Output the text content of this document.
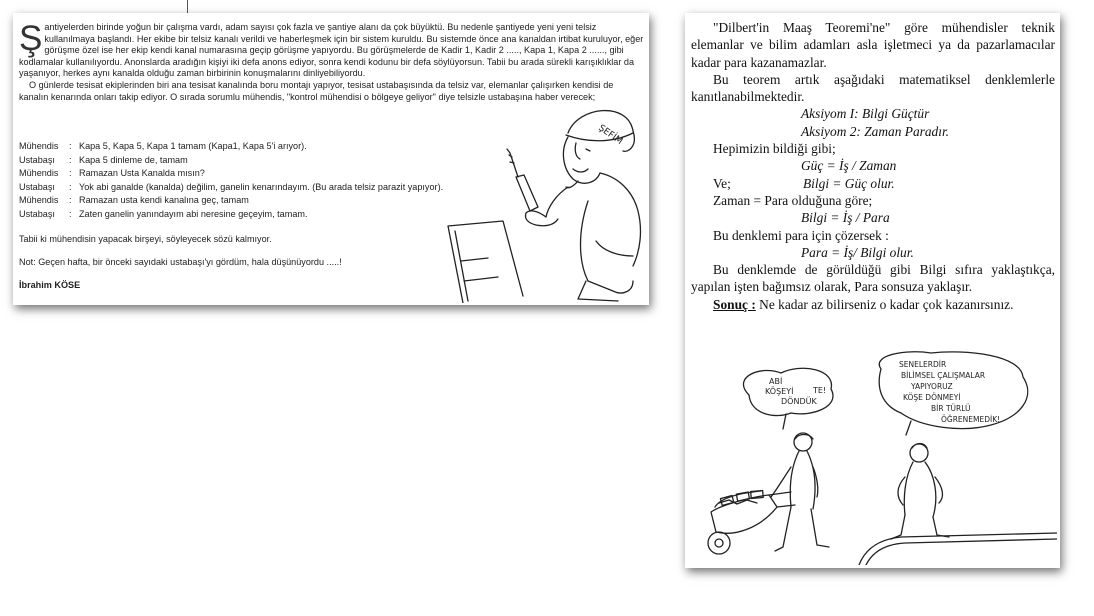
Şantiyelerden birinde yoğun bir çalışma vardı, adam sayısı çok fazla ve şantiye alanı da çok büyüktü. Bu nedenle şantiyede yeni yeni telsiz kullanılmaya başlandı. Her ekibe bir telsiz kanalı verildi ve haberleşmek için bir sistem kuruldu. Bu sistemde önce ana kanaldan irtibat kuruluyor, eğer görüşme özel ise her ekip kendi kanal numarasına geçip görüşme yapıyordu. Bu görüşmelerde de Kadir 1, Kadir 2 ....., Kapa 1, Kapa 2 ......, gibi kodlamalar kullanılıyordu. Anonslarda aradığın kişiyi iki defa anons ediyor, sonra kendi kodunu bir defa söylüyorsun. Tabii bu arada sürekli karışıklıklar da yaşanıyor, herkes aynı kanalda olduğu zaman birbirinin konuşmalarını dinliyebiliyordu.

O günlerde tesisat ekiplerinden biri ana tesisat kanalında boru montajı yapıyor, tesisat ustabaşısında da telsiz var, elemanlar çalışırken kendisi de kanalın kenarında onları takip ediyor. O sırada sorumlu mühendis, "kontrol mühendisi o bölgeye geliyor" diye telsizle ustabaşına haber verecek;

Mühendis	: Kapa 5, Kapa 5, Kapa 1 tamam (Kapa1, Kapa 5'i arıyor).
Ustabaşı	: Kapa 5 dinleme de, tamam
Mühendis	: Ramazan Usta Kanalda mısın?
Ustabaşı	: Yok abi ganalde (kanalda) değilim, ganelin kenarındayım. (Bu arada telsiz parazit yapıyor).
Mühendis	: Ramazan usta kendi kanalına geç, tamam
Ustabaşı	: Zaten ganelin yanındayım abi neresine geçeyim, tamam.
Tabii ki mühendisin yapacak birşeyi, söyleyecek sözü kalmıyor.
Not: Geçen hafta, bir önceki sayıdaki ustabaşı'yı gördüm, hala düşünüyordu .....!
İbrahim KÖSE
ŞEFİM

"Dilbert'in Maaş Teoremi'ne" göre mühendisler teknik elemanlar ve bilim adamları asla işletmeci ya da pazarlamacılar kadar para kazanamazlar.

Bu teorem artık aşağıdaki matematiksel denklemlerle kanıtlanabilmektedir.

Aksiyom I: Bilgi Güçtür

Aksiyom 2: Zaman Paradır.

Hepimizin bildiği gibi;

Güç = İş / Zaman

Ve;	Bilgi = Güç olur.

Zaman = Para olduğuna göre;

Bilgi = İş / Para

Bu denklemi para için çözersek :

Para = İş/ Bilgi olur.

Bu denklemde de görüldüğü gibi Bilgi sıfıra yaklaştıkça, yapılan işten bağımsız olarak, Para sonsuza yaklaşır.

Sonuç : Ne kadar az bilirseniz o kadar çok kazanırsınız.

ABİ
KÖŞEYİ
DÖNDÜK
TE!
SENELERDİR
BİLİMSEL ÇALIŞMALAR
YAPIYORUZ
KÖŞE DÖNMEYİ
BİR TÜRLÜ
ÖĞRENEMEDİK!
